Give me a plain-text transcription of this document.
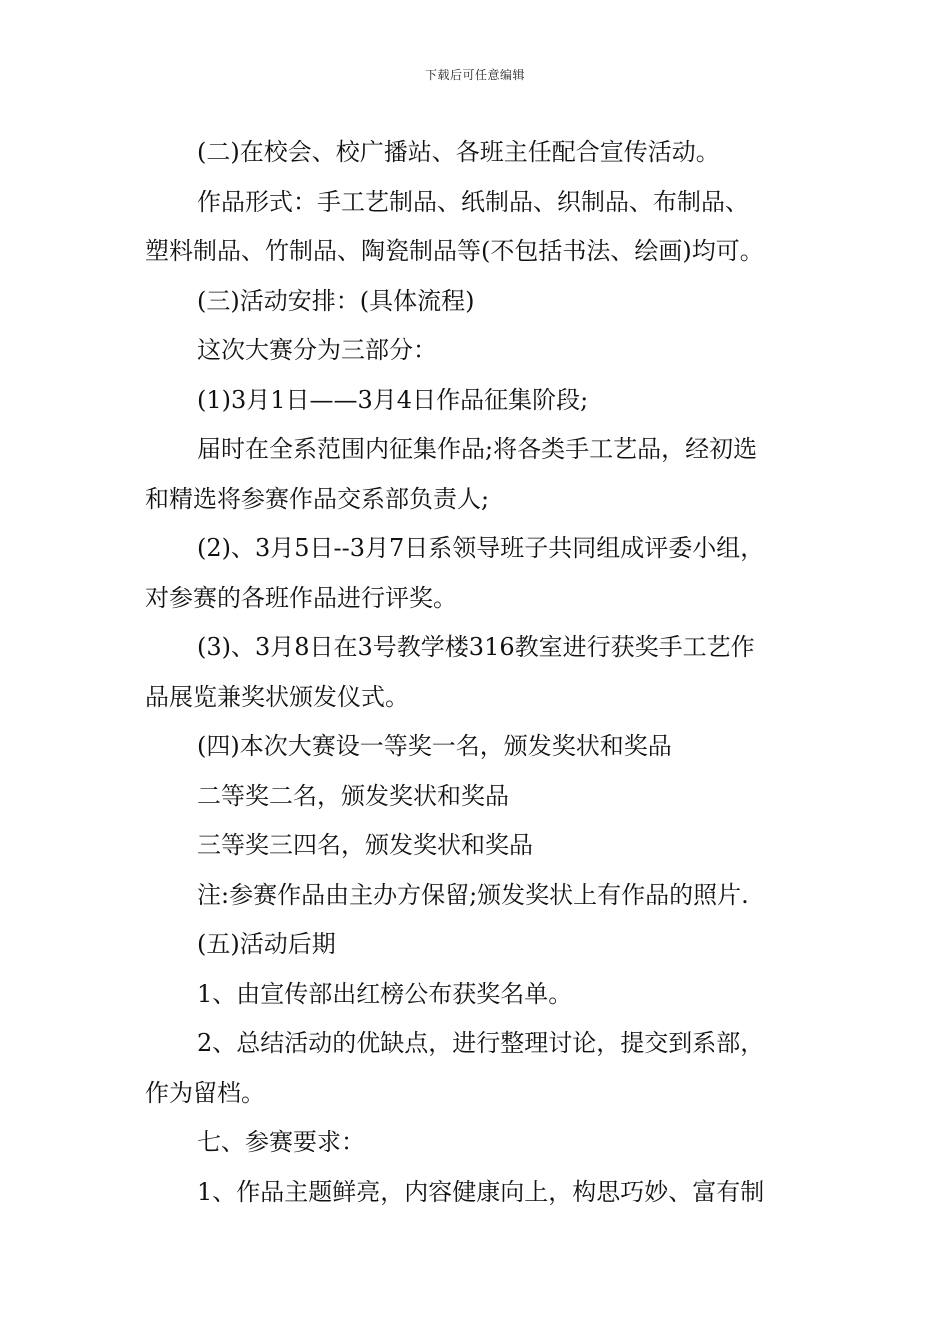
下载后可任意编辑

(二)在校会、校广播站、各班主任配合宣传活动。

作品形式：手工艺制品、纸制品、织制品、布制品、

塑料制品、竹制品、陶瓷制品等(不包括书法、绘画)均可。

(三)活动安排：(具体流程)

这次大赛分为三部分：

(1)3月1日——3月4日作品征集阶段;

届时在全系范围内征集作品;将各类手工艺品，经初选

和精选将参赛作品交系部负责人;

(2)、3月5日--3月7日系领导班子共同组成评委小组，

对参赛的各班作品进行评奖。

(3)、3月8日在3号教学楼316教室进行获奖手工艺作

品展览兼奖状颁发仪式。

(四)本次大赛设一等奖一名，颁发奖状和奖品

二等奖二名，颁发奖状和奖品

三等奖三四名，颁发奖状和奖品

注:参赛作品由主办方保留;颁发奖状上有作品的照片.

(五)活动后期

1、由宣传部出红榜公布获奖名单。

2、总结活动的优缺点，进行整理讨论，提交到系部，

作为留档。

七、参赛要求：

1、作品主题鲜亮，内容健康向上，构思巧妙、富有制
